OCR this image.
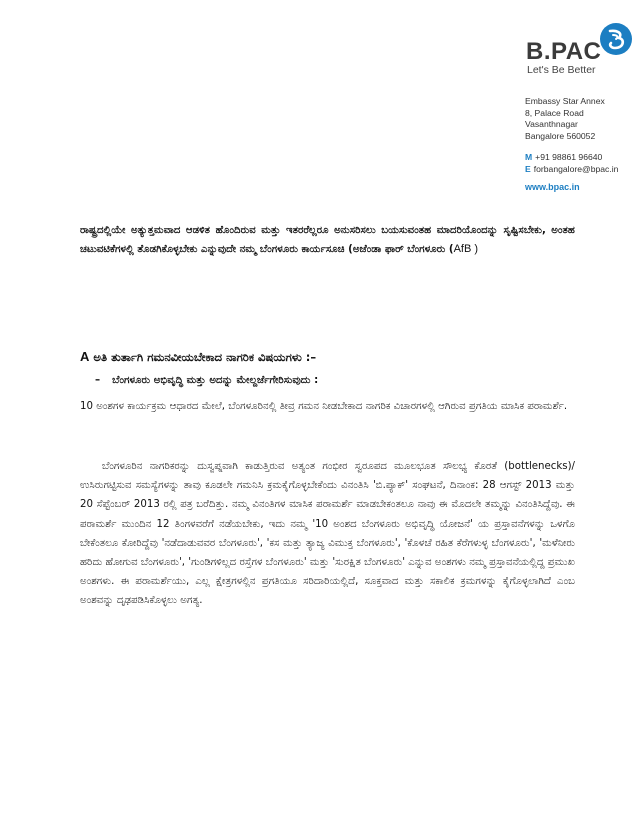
B.PAC
Let's Be Better
Embassy Star Annex
8, Palace Road
Vasanthnagar
Bangalore 560052
M +91 98861 96640
E forbangalore@bpac.in
www.bpac.in
ರಾಷ್ಟ್ರದಲ್ಲಿಯೇ ಅತ್ಯುತ್ತಮವಾದ ಆಡಳಿತ ಹೊಂದಿರುವ ಮತ್ತು ಇತರರೆಲ್ಲರೂ ಅನುಸರಿಸಲು ಬಯಸುವಂತಹ ಮಾದರಿಯೊಂದನ್ನು ಸೃಷ್ಟಿಸಬೇಕು, ಅಂತಹ ಚಟುವಟಿಕೆಗಳಲ್ಲಿ ತೊಡಗಿಕೊಳ್ಳಬೇಕು ಎನ್ನುವುದೇ ನಮ್ಮ ಬೆಂಗಳೂರು ಕಾರ್ಯಸೂಚಿ (ಅಜೆಂಡಾ ಫಾರ್ ಬೆಂಗಳೂರು (AfB )
A ಅತಿ ತುರ್ತಾಗಿ ಗಮನವೀಯಬೇಕಾದ ನಾಗರಿಕ ವಿಷಯಗಳು :–
– ಬೆಂಗಳೂರು ಅಭಿವೃದ್ಧಿ ಮತ್ತು ಅದನ್ನು ಮೇಲ್ದರ್ಜೆಗೇರಿಸುವುದು :
10 ಅಂಶಗಳ ಕಾರ್ಯಕ್ರಮ ಆಧಾರದ ಮೇಲೆ, ಬೆಂಗಳೂರಿನಲ್ಲಿ ತೀವ್ರ ಗಮನ ನೀಡಬೇಕಾದ ನಾಗರಿಕ ವಿಚಾರಗಳಲ್ಲಿ ಆಗಿರುವ ಪ್ರಗತಿಯ ಮಾಸಿಕ ಪರಾಮರ್ಶೆ.
ಬೆಂಗಳೂರಿನ ನಾಗರಿಕರನ್ನು ದುಸ್ವಪ್ನವಾಗಿ ಕಾಡುತ್ತಿರುವ ಅತ್ಯಂತ ಗಂಭೀರ ಸ್ವರೂಪದ ಮೂಲಭೂತ ಸೌಲಭ್ಯ ಕೊರತೆ (bottlenecks)/ಉಸಿರುಗಟ್ಟಿಸುವ ಸಮಸ್ಯೆಗಳನ್ನು ತಾವು ಕೂಡಲೇ ಗಮನಿಸಿ ಕ್ರಮಕೈಗೊಳ್ಳಬೇಕೆಂದು ವಿನಂತಿಸಿ 'ಬಿ.ಪ್ಯಾಕ್' ಸಂಘಟನೆ, ದಿನಾಂಕ: 28 ಆಗಸ್ಟ್ 2013 ಮತ್ತು 20 ಸೆಪ್ಟೆಂಬರ್ 2013 ರಲ್ಲಿ ಪತ್ರ ಬರೆದಿತ್ತು. ನಮ್ಮ ವಿನಂತಿಗಳ ಮಾಸಿಕ ಪರಾಮರ್ಶೆ ಮಾಡಬೇಕಂತಲೂ ನಾವು ಈ ಮೊದಲೇ ತಮ್ಮನ್ನು ವಿನಂತಿಸಿದ್ದೆವು. ಈ ಪರಾಮರ್ಶೆ ಮುಂದಿನ 12 ತಿಂಗಳವರೆಗೆ ನಡೆಯಬೇಕು, ಇದು ನಮ್ಮ '10 ಅಂಶದ ಬೆಂಗಳೂರು ಅಭಿವೃದ್ಧಿ ಯೋಜನೆ' ಯ ಪ್ರಸ್ತಾವನೆಗಳನ್ನು ಒಳಗೊ ಬೇಕೆಂತಲೂ ಕೋರಿದ್ದೆವು 'ನಡೆದಾಡುವವರ ಬೆಂಗಳೂರು', 'ಕಸ ಮತ್ತು ತ್ಯಾಜ್ಯ ವಿಮುಕ್ತ ಬೆಂಗಳೂರು', 'ಕೊಳಚೆ ರಹಿತ ಕೆರೆಗಳುಳ್ಳ ಬೆಂಗಳೂರು', 'ಮಳೆನೀರು ಹರಿದು ಹೋಗುವ ಬೆಂಗಳೂರು', 'ಗುಂಡಿಗಳಿಲ್ಲದ ರಸ್ತೆಗಳ ಬೆಂಗಳೂರು' ಮತ್ತು 'ಸುರಕ್ಷಿತ ಬೆಂಗಳೂರು' ಎನ್ನುವ ಅಂಶಗಳು ನಮ್ಮ ಪ್ರಸ್ತಾವನೆಯಲ್ಲಿದ್ದ ಪ್ರಮುಖ ಅಂಶಗಳು. ಈ ಪರಾಮರ್ಶೆಯು, ಎಲ್ಲ ಕ್ಷೇತ್ರಗಳಲ್ಲಿನ ಪ್ರಗತಿಯೂ ಸರಿದಾರಿಯಲ್ಲಿದೆ, ಸೂಕ್ತವಾದ ಮತ್ತು ಸಕಾಲಿಕ ಕ್ರಮಗಳನ್ನು ಕೈಗೊಳ್ಳಲಾಗಿದೆ ಎಂಬ ಅಂಶವನ್ನು ದೃಢಪಡಿಸಿಕೊಳ್ಳಲು ಅಗತ್ಯ.
